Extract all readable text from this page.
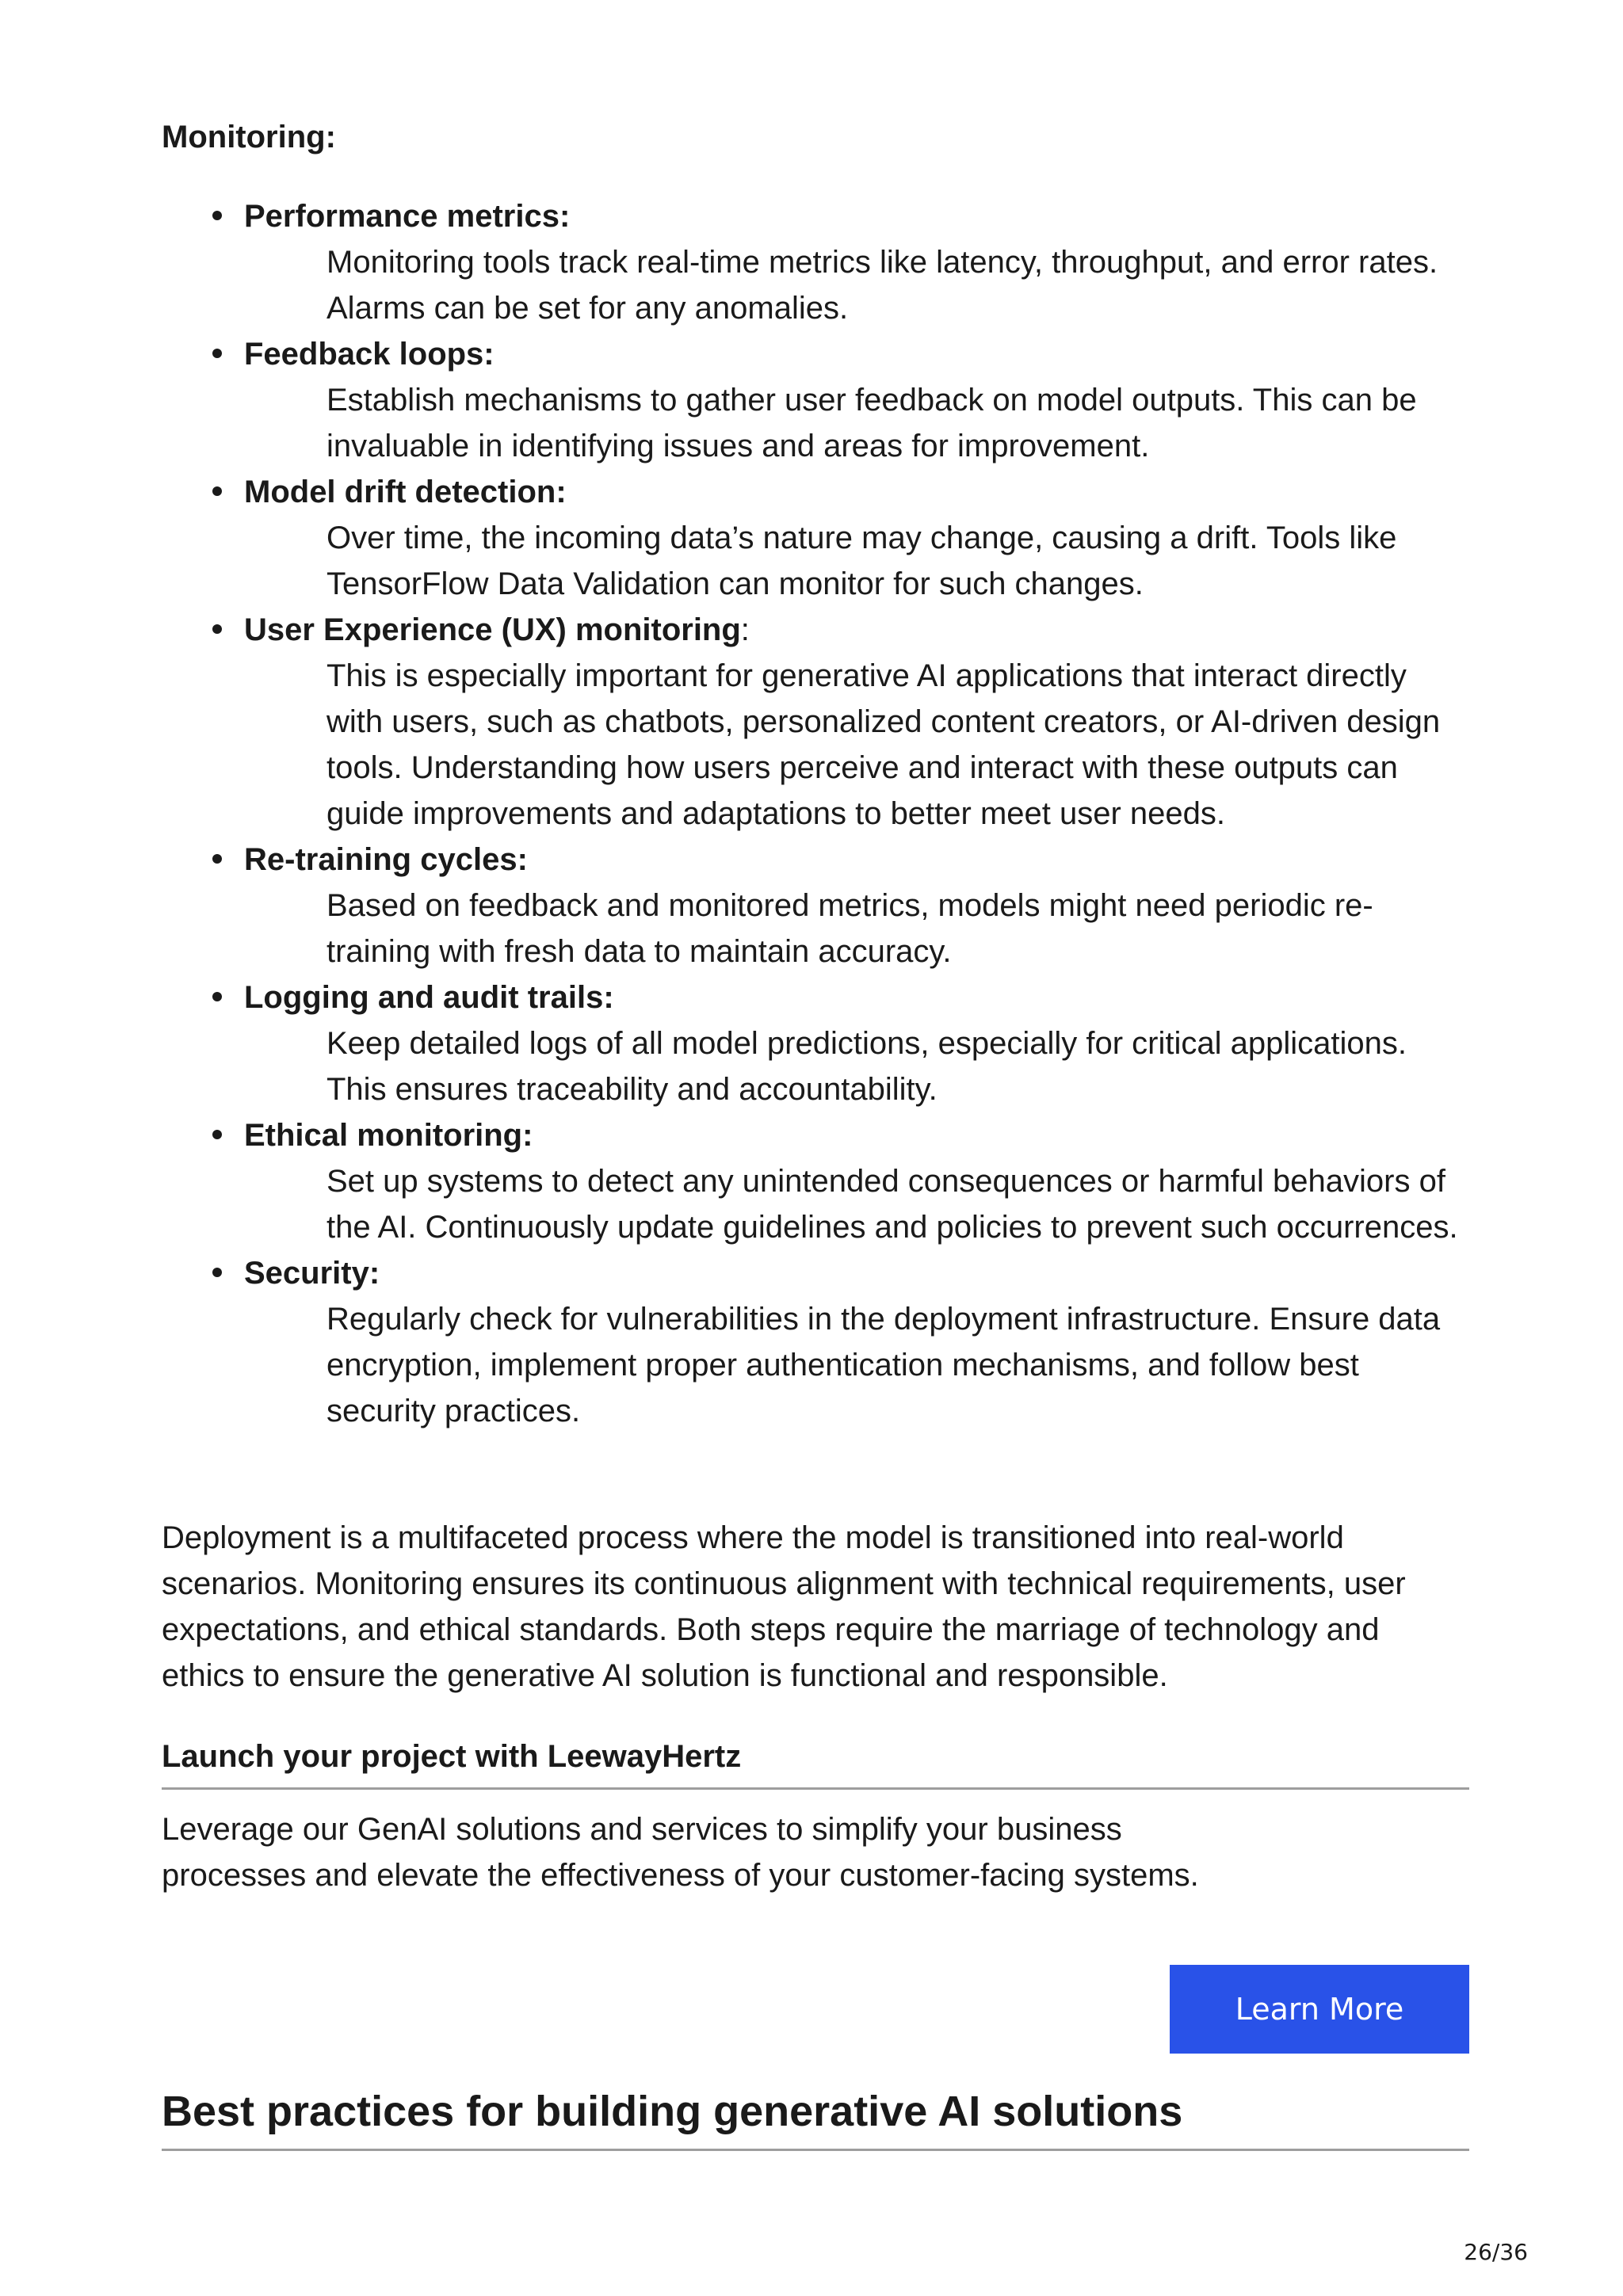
Monitoring:

Performance metrics:
Monitoring tools track real-time metrics like latency, throughput, and error rates. Alarms can be set for any anomalies.
Feedback loops:
Establish mechanisms to gather user feedback on model outputs. This can be invaluable in identifying issues and areas for improvement.
Model drift detection:
Over time, the incoming data’s nature may change, causing a drift. Tools like TensorFlow Data Validation can monitor for such changes.
User Experience (UX) monitoring:
This is especially important for generative AI applications that interact directly with users, such as chatbots, personalized content creators, or AI-driven design tools. Understanding how users perceive and interact with these outputs can guide improvements and adaptations to better meet user needs.
Re-training cycles:
Based on feedback and monitored metrics, models might need periodic re-training with fresh data to maintain accuracy.
Logging and audit trails:
Keep detailed logs of all model predictions, especially for critical applications. This ensures traceability and accountability.
Ethical monitoring:
Set up systems to detect any unintended consequences or harmful behaviors of the AI. Continuously update guidelines and policies to prevent such occurrences.
Security:
Regularly check for vulnerabilities in the deployment infrastructure. Ensure data encryption, implement proper authentication mechanisms, and follow best security practices.

Deployment is a multifaceted process where the model is transitioned into real-world scenarios. Monitoring ensures its continuous alignment with technical requirements, user expectations, and ethical standards. Both steps require the marriage of technology and ethics to ensure the generative AI solution is functional and responsible.

Launch your project with LeewayHertz

Leverage our GenAI solutions and services to simplify your business
processes and elevate the effectiveness of your customer-facing systems.

Learn More
Best practices for building generative AI solutions
26/36
